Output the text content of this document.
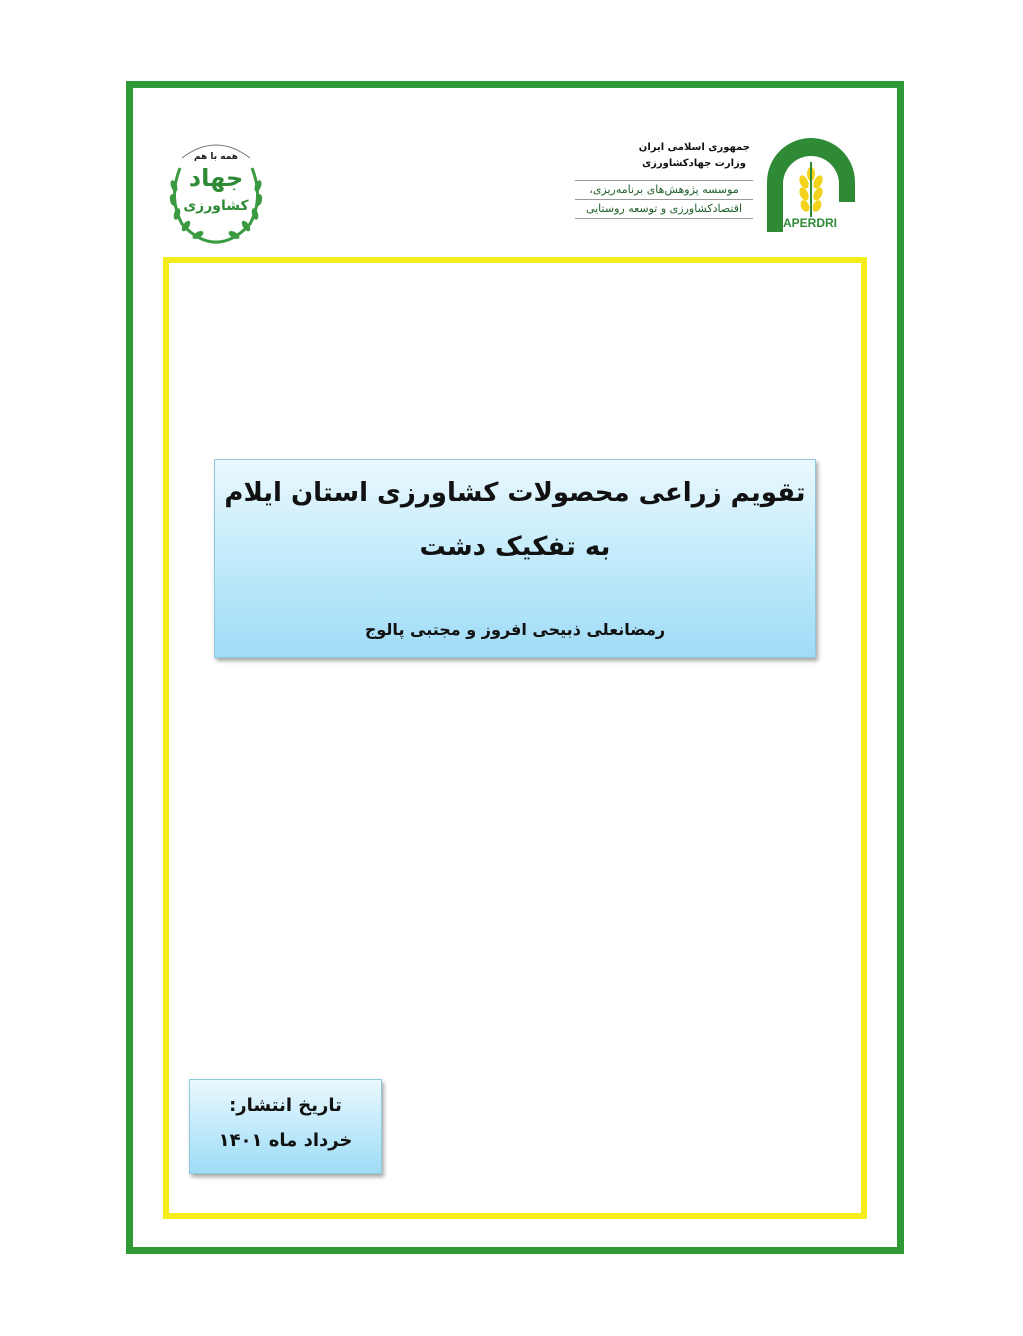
همه با هم
جهاد
کشاورزی
جمهوری اسلامی ایران
وزارت جهادکشاورزی
موسسه پژوهش‌های برنامه‌ریزی،
اقتصادکشاورزی و توسعه روستایی
APERDRI
تقویم زراعی محصولات کشاورزی استان ایلام
به تفکیک دشت
رمضانعلی ذبیحی افروز و مجتبی پالوج
تاریخ انتشار:
خرداد ماه ۱۴۰۱
